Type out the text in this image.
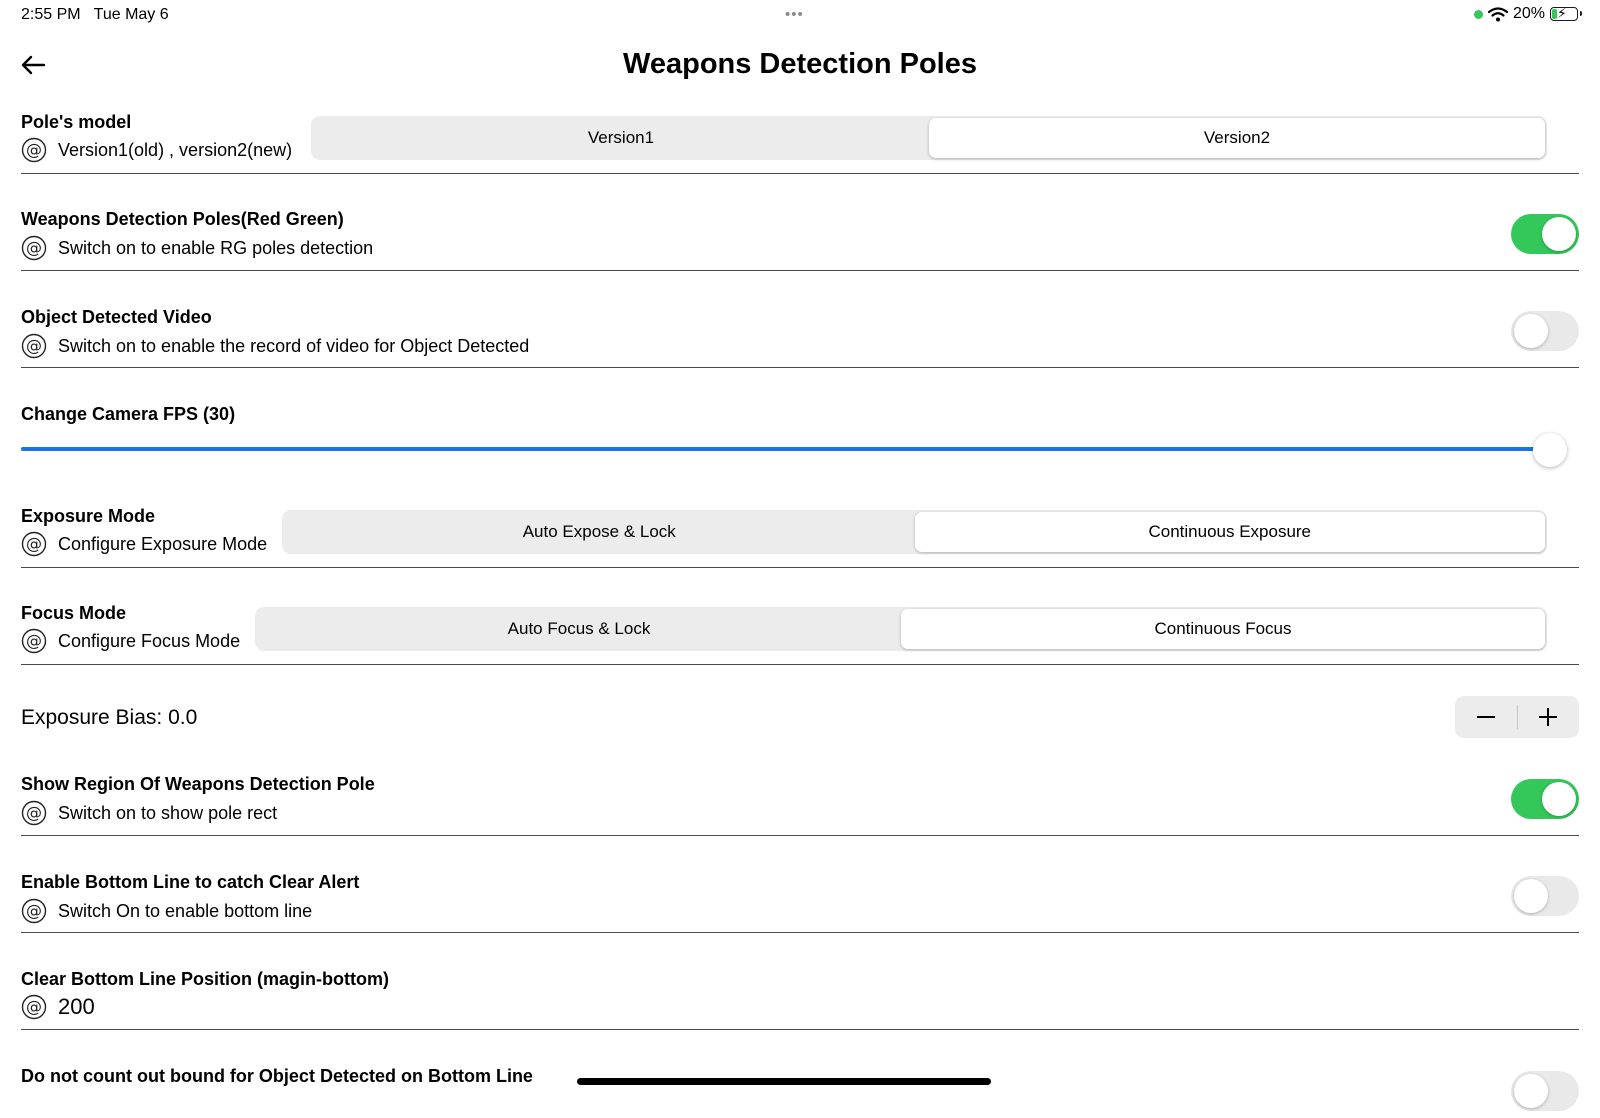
2:55 PM Tue May 6	•••	20% ⚡
Weapons Detection Poles
Pole's model
@ Version1(old) , version2(new)
Version1	Version2
Weapons Detection Poles(Red Green)
@ Switch on to enable RG poles detection
Object Detected Video
@ Switch on to enable the record of video for Object Detected
Change Camera FPS (30)
Exposure Mode
@ Configure Exposure Mode
Auto Expose & Lock	Continuous Exposure
Focus Mode
@ Configure Focus Mode
Auto Focus & Lock	Continuous Focus
Exposure Bias: 0.0
Show Region Of Weapons Detection Pole
@ Switch on to show pole rect
Enable Bottom Line to catch Clear Alert
@ Switch On to enable bottom line
Clear Bottom Line Position (magin-bottom)
@ 200
Do not count out bound for Object Detected on Bottom Line
